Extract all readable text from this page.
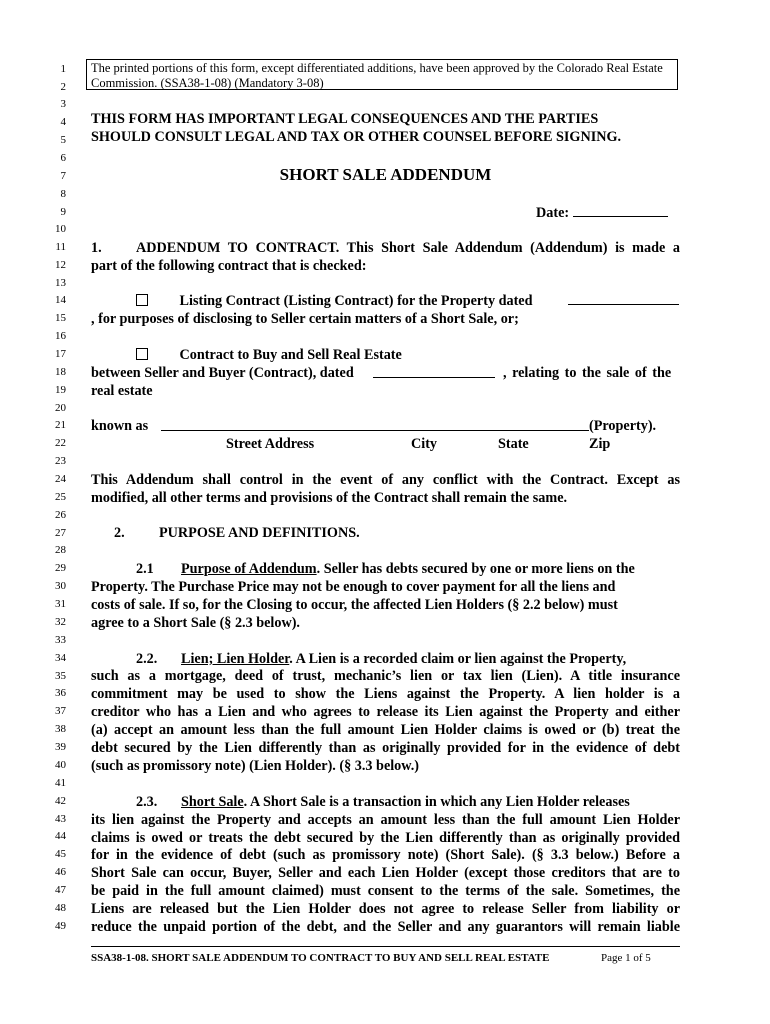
1
2
3
4
5
6
7
8
9
10
11
12
13
14
15
16
17
18
19
20
21
22
23
24
25
26
27
28
29
30
31
32
33
34
35
36
37
38
39
40
41
42
43
44
45
46
47
48
49
The printed portions of this form, except differentiated additions, have been approved by the Colorado Real Estate
Commission. (SSA38-1-08) (Mandatory 3-08)
THIS FORM HAS IMPORTANT LEGAL CONSEQUENCES AND THE PARTIES
SHOULD CONSULT LEGAL AND TAX OR OTHER COUNSEL BEFORE SIGNING.
SHORT SALE ADDENDUM
Date:
1. ADDENDUM TO CONTRACT. This Short Sale Addendum (Addendum) is made a
part of the following contract that is checked:
Listing Contract (Listing Contract) for the Property dated
, for purposes of disclosing to Seller certain matters of a Short Sale, or;
Contract to Buy and Sell Real Estate
between Seller and Buyer (Contract), dated	, relating to the sale of the
real estate
known as	(Property).
Street Address	City	State	Zip
This Addendum shall control in the event of any conflict with the Contract. Except as
modified, all other terms and provisions of the Contract shall remain the same.
2. PURPOSE AND DEFINITIONS.
2.1 Purpose of Addendum. Seller has debts secured by one or more liens on the
Property. The Purchase Price may not be enough to cover payment for all the liens and
costs of sale. If so, for the Closing to occur, the affected Lien Holders (§ 2.2 below) must
agree to a Short Sale (§ 2.3 below).
2.2. Lien; Lien Holder. A Lien is a recorded claim or lien against the Property,
such as a mortgage, deed of trust, mechanic’s lien or tax lien (Lien). A title insurance
commitment may be used to show the Liens against the Property. A lien holder is a
creditor who has a Lien and who agrees to release its Lien against the Property and either
(a) accept an amount less than the full amount Lien Holder claims is owed or (b) treat the
debt secured by the Lien differently than as originally provided for in the evidence of debt
(such as promissory note) (Lien Holder). (§ 3.3 below.)
2.3. Short Sale. A Short Sale is a transaction in which any Lien Holder releases
its lien against the Property and accepts an amount less than the full amount Lien Holder
claims is owed or treats the debt secured by the Lien differently than as originally provided
for in the evidence of debt (such as promissory note) (Short Sale). (§ 3.3 below.) Before a
Short Sale can occur, Buyer, Seller and each Lien Holder (except those creditors that are to
be paid in the full amount claimed) must consent to the terms of the sale. Sometimes, the
Liens are released but the Lien Holder does not agree to release Seller from liability or
reduce the unpaid portion of the debt, and the Seller and any guarantors will remain liable
SSA38-1-08. SHORT SALE ADDENDUM TO CONTRACT TO BUY AND SELL REAL ESTATE	Page 1 of 5
